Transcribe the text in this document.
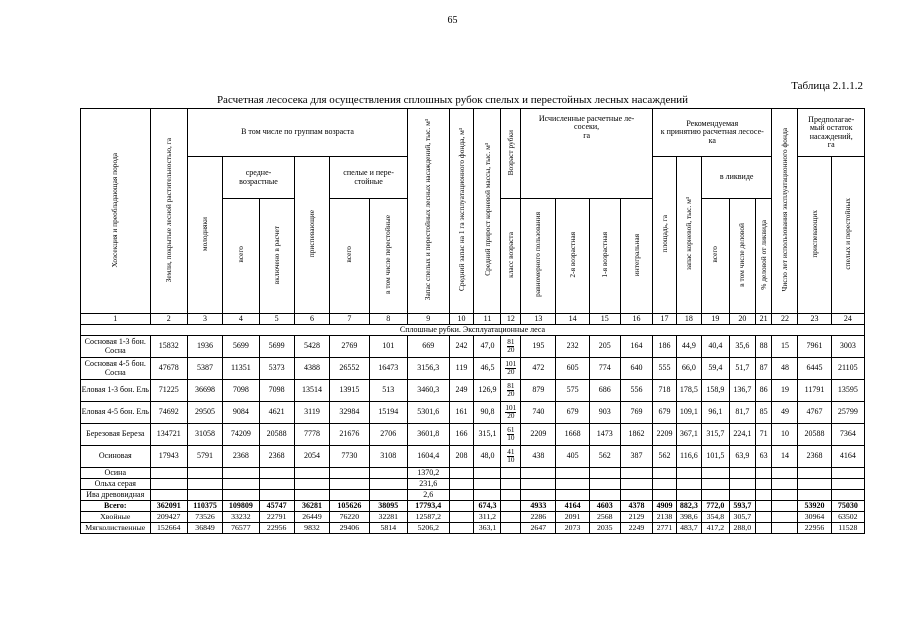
65
Таблица 2.1.1.2
Расчетная лесосека для осуществления сплошных рубок спелых и перестойных лесных насаждений
Хозсекция и преобладающая порода	Земли, покрытые лесной растительностью, га	В том числе по группам возраста						Запас спелых и перестойных лесных насаждений, тыс. м³	Средний запас на 1 га эксплуатационного фонда, м³	Средний прирост корневой массы, тыс. м³	Возраст рубки	Исчисленные расчетные ле-
сосеки,
га				Рекомендуемая
к принятию расчетная лесосе-
ка					Число лет использования эксплуатационного фонда	Предполагае-
мый остаток
насаждений,
га	
		молодняки	средне-
возрастные		приспевающие	спелые и пере-
стойные										площадь, га	запас корневой, тыс. м³	в ликвиде				приспевающих	спелых и перестойных
			всего	включено в расчет		всего	в том числе перестойные				класс возраста	равномерного пользования	2-я возрастная	1-я возрастная	интегральная			всего	в том числе деловой	% деловой от ликвида			
1	2	3	4	5	6	7	8	9	10	11	12	13	14	15	16	17	18	19	20	21	22	23	24
Сплошные рубки. Эксплуатационные леса																							
Сосновая 1-3 бон. Сосна	15832	1936	5699	5699	5428	2769	101	669	242	47,0	$\frac{81}{20}$	195	232	205	164	186	44,9	40,4	35,6	88	15	7961	3003
Сосновая 4-5 бон. Сосна	47678	5387	11351	5373	4388	26552	16473	3156,3	119	46,5	$\frac{101}{20}$	472	605	774	640	555	66,0	59,4	51,7	87	48	6445	21105
Еловая 1-3 бон. Ель	71225	36698	7098	7098	13514	13915	513	3460,3	249	126,9	$\frac{81}{20}$	879	575	686	556	718	178,5	158,9	136,7	86	19	11791	13595
Еловая 4-5 бон. Ель	74692	29505	9084	4621	3119	32984	15194	5301,6	161	90,8	$\frac{101}{20}$	740	679	903	769	679	109,1	96,1	81,7	85	49	4767	25799
Березовая Береза	134721	31058	74209	20588	7778	21676	2706	3601,8	166	315,1	$\frac{61}{10}$	2209	1668	1473	1862	2209	367,1	315,7	224,1	71	10	20588	7364
Осиновая	17943	5791	2368	2368	2054	7730	3108	1604,4	208	48,0	$\frac{41}{10}$	438	405	562	387	562	116,6	101,5	63,9	63	14	2368	4164
Осина								1370,2															
Ольха серая								231,6															
Ива древовидная								2,6															
Всего:	362091	110375	109809	45747	36281	105626	38095	17793,4		674,3		4933	4164	4603	4378	4909	882,3	772,0	593,7			53920	75030
Хвойные	209427	73526	33232	22791	26449	76220	32281	12587,2		311,2		2286	2091	2568	2129	2138	398,6	354,8	305,7			30964	63502
Мягколиственные	152664	36849	76577	22956	9832	29406	5814	5206,2		363,1		2647	2073	2035	2249	2771	483,7	417,2	288,0			22956	11528
